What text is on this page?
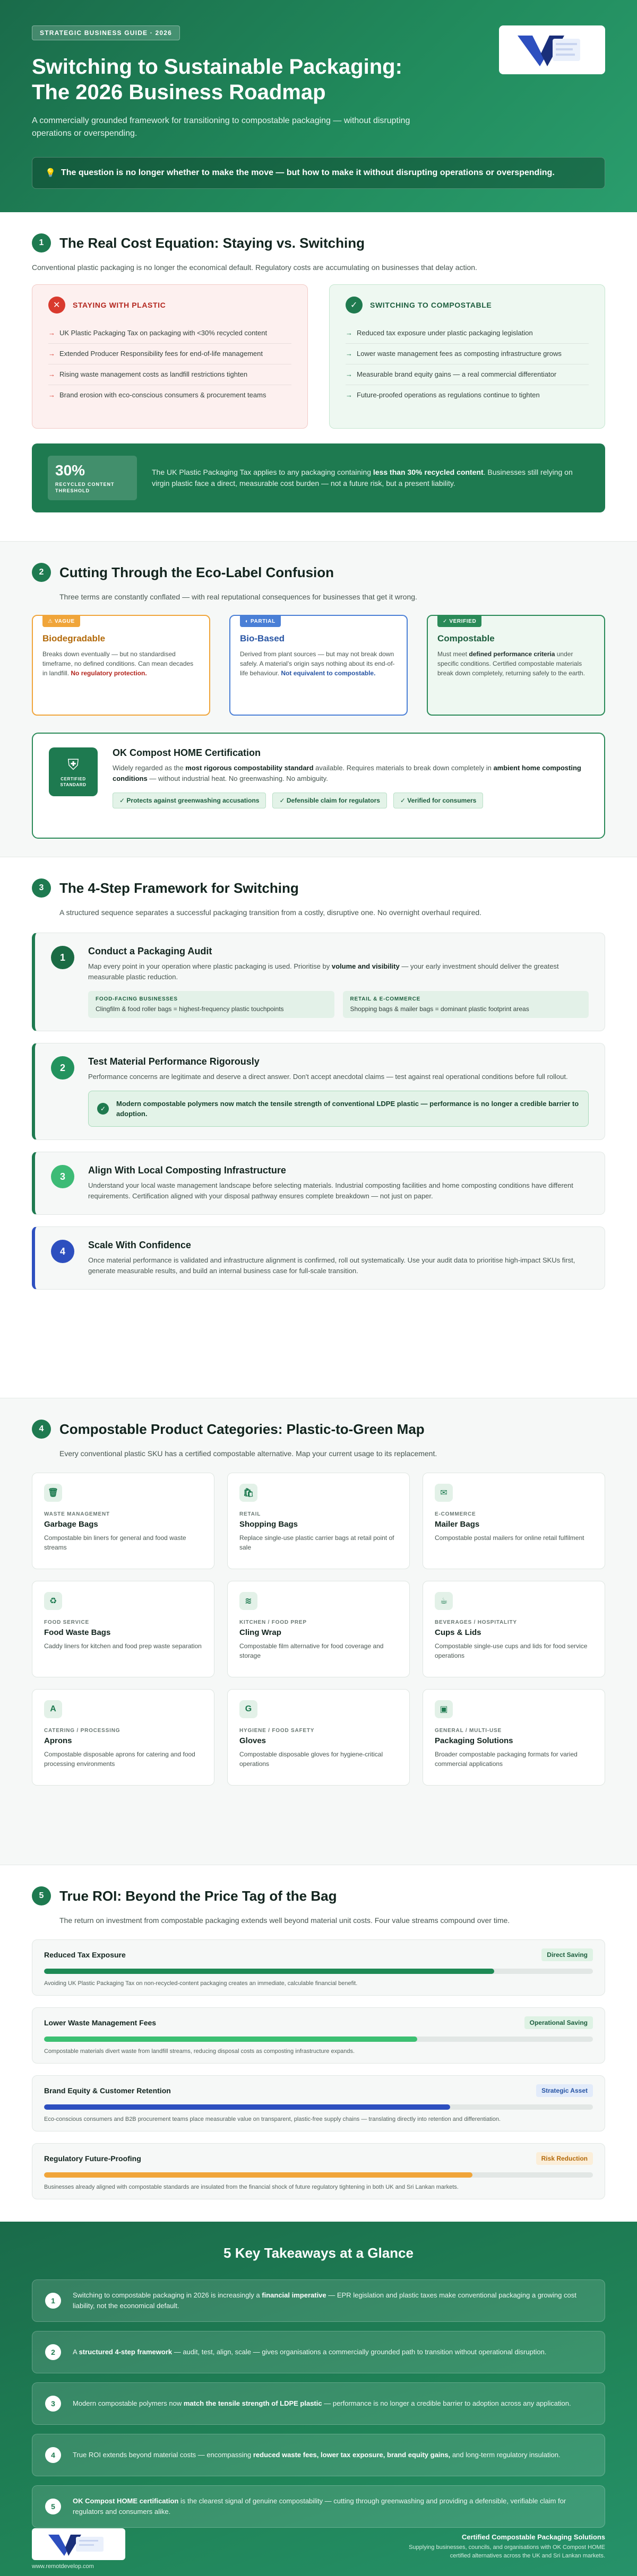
STRATEGIC BUSINESS GUIDE · 2026
Switching to Sustainable Packaging: The 2026 Business Roadmap

A commercially grounded framework for transitioning to compostable packaging — without disrupting operations or overspending.

💡 The question is no longer whether to make the move — but how to make it without disrupting operations or overspending.
1	The Real Cost Equation: Staying vs. Switching

Conventional plastic packaging is no longer the economical default. Regulatory costs are accumulating on businesses that delay action.

✕	STAYING WITH PLASTIC
→ UK Plastic Packaging Tax on packaging with <30% recycled content
→ Extended Producer Responsibility fees for end-of-life management
→ Rising waste management costs as landfill restrictions tighten
→ Brand erosion with eco-conscious consumers & procurement teams
✓	SWITCHING TO COMPOSTABLE
→ Reduced tax exposure under plastic packaging legislation
→ Lower waste management fees as composting infrastructure grows
→ Measurable brand equity gains — a real commercial differentiator
→ Future-proofed operations as regulations continue to tighten
30%
RECYCLED CONTENT THRESHOLD

The UK Plastic Packaging Tax applies to any packaging containing less than 30% recycled content. Businesses still relying on virgin plastic face a direct, measurable cost burden — not a future risk, but a present liability.

2	Cutting Through the Eco-Label Confusion

Three terms are constantly conflated — with real reputational consequences for businesses that get it wrong.

⚠ VAGUE
Biodegradable

Breaks down eventually — but no standardised timeframe, no defined conditions. Can mean decades in landfill. No regulatory protection.

◐ PARTIAL
Bio-Based

Derived from plant sources — but may not break down safely. A material's origin says nothing about its end-of-life behaviour. Not equivalent to compostable.

✓ VERIFIED
Compostable

Must meet defined performance criteria under specific conditions. Certified compostable materials break down completely, returning safely to the earth.

⛨
CERTIFIED STANDARD
OK Compost HOME Certification

Widely regarded as the most rigorous compostability standard available. Requires materials to break down completely in ambient home composting conditions — without industrial heat. No greenwashing. No ambiguity.

✓ Protects against greenwashing accusations	✓ Defensible claim for regulators	✓ Verified for consumers
3	The 4-Step Framework for Switching

A structured sequence separates a successful packaging transition from a costly, disruptive one. No overnight overhaul required.

1
Conduct a Packaging Audit

Map every point in your operation where plastic packaging is used. Prioritise by volume and visibility — your early investment should deliver the greatest measurable plastic reduction.

FOOD-FACING BUSINESSES
Clingfilm & food roller bags = highest-frequency plastic touchpoints
RETAIL & E-COMMERCE
Shopping bags & mailer bags = dominant plastic footprint areas
2
Test Material Performance Rigorously

Performance concerns are legitimate and deserve a direct answer. Don't accept anecdotal claims — test against real operational conditions before full rollout.

✓
Modern compostable polymers now match the tensile strength of conventional LDPE plastic — performance is no longer a credible barrier to adoption.
3
Align With Local Composting Infrastructure

Understand your local waste management landscape before selecting materials. Industrial composting facilities and home composting conditions have different requirements. Certification aligned with your disposal pathway ensures complete breakdown — not just on paper.

4
Scale With Confidence

Once material performance is validated and infrastructure alignment is confirmed, roll out systematically. Use your audit data to prioritise high-impact SKUs first, generate measurable results, and build an internal business case for full-scale transition.

4	Compostable Product Categories: Plastic-to-Green Map

Every conventional plastic SKU has a certified compostable alternative. Map your current usage to its replacement.

🗑
WASTE MANAGEMENT
Garbage Bags
Compostable bin liners for general and food waste streams
🛍
RETAIL
Shopping Bags
Replace single-use plastic carrier bags at retail point of sale
✉
E-COMMERCE
Mailer Bags
Compostable postal mailers for online retail fulfilment
♻
FOOD SERVICE
Food Waste Bags
Caddy liners for kitchen and food prep waste separation
≋
KITCHEN / FOOD PREP
Cling Wrap
Compostable film alternative for food coverage and storage
☕
BEVERAGES / HOSPITALITY
Cups & Lids
Compostable single-use cups and lids for food service operations
A
CATERING / PROCESSING
Aprons
Compostable disposable aprons for catering and food processing environments
G
HYGIENE / FOOD SAFETY
Gloves
Compostable disposable gloves for hygiene-critical operations
▣
GENERAL / MULTI-USE
Packaging Solutions
Broader compostable packaging formats for varied commercial applications
5	True ROI: Beyond the Price Tag of the Bag

The return on investment from compostable packaging extends well beyond material unit costs. Four value streams compound over time.

Reduced Tax Exposure	Direct Saving

Avoiding UK Plastic Packaging Tax on non-recycled-content packaging creates an immediate, calculable financial benefit.

Lower Waste Management Fees	Operational Saving

Compostable materials divert waste from landfill streams, reducing disposal costs as composting infrastructure expands.

Brand Equity & Customer Retention	Strategic Asset

Eco-conscious consumers and B2B procurement teams place measurable value on transparent, plastic-free supply chains — translating directly into retention and differentiation.

Regulatory Future-Proofing	Risk Reduction

Businesses already aligned with compostable standards are insulated from the financial shock of future regulatory tightening in both UK and Sri Lankan markets.

5 Key Takeaways at a Glance
1

Switching to compostable packaging in 2026 is increasingly a financial imperative — EPR legislation and plastic taxes make conventional packaging a growing cost liability, not the economical default.

2	A structured 4-step framework — audit, test, align, scale — gives organisations a commercially grounded path to transition without operational disruption.

3	Modern compostable polymers now match the tensile strength of LDPE plastic — performance is no longer a credible barrier to adoption across any application.

4	True ROI extends beyond material costs — encompassing reduced waste fees, lower tax exposure, brand equity gains, and long-term regulatory insulation.

5

OK Compost HOME certification is the clearest signal of genuine compostability — cutting through greenwashing and providing a defensible, verifiable claim for regulators and consumers alike.

www.remotdevelop.com
Certified Compostable Packaging Solutions
Supplying businesses, councils, and organisations with OK Compost HOME certified alternatives across the UK and Sri Lankan markets.
